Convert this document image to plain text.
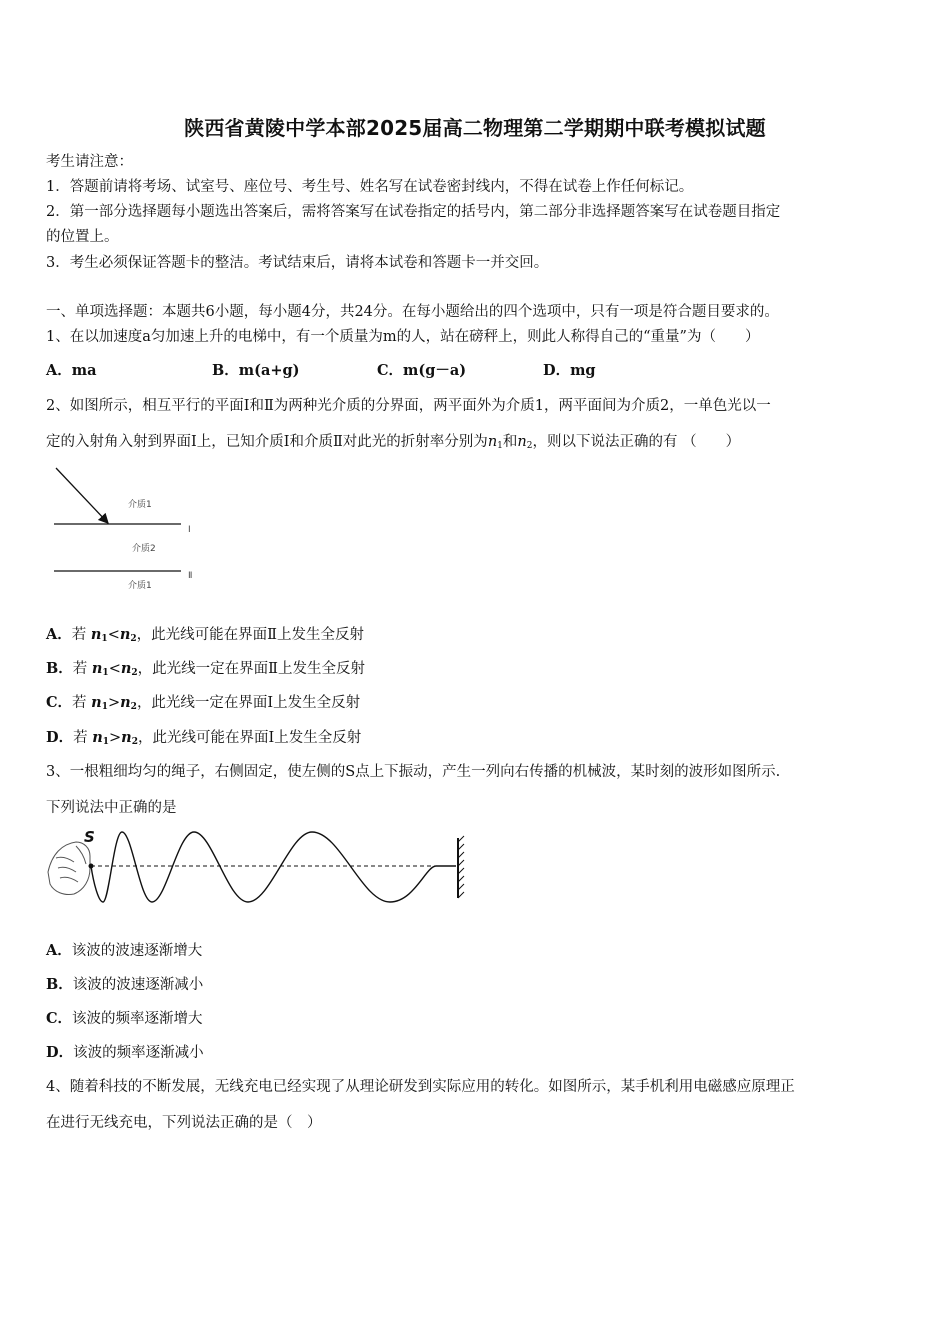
陕西省黄陵中学本部2025届高二物理第二学期期中联考模拟试题
考生请注意：
1．答题前请将考场、试室号、座位号、考生号、姓名写在试卷密封线内，不得在试卷上作任何标记。
2．第一部分选择题每小题选出答案后，需将答案写在试卷指定的括号内，第二部分非选择题答案写在试卷题目指定
的位置上。
3．考生必须保证答题卡的整洁。考试结束后，请将本试卷和答题卡一并交回。
一、单项选择题：本题共6小题，每小题4分，共24分。在每小题给出的四个选项中，只有一项是符合题目要求的。
1、在以加速度a匀加速上升的电梯中，有一个质量为m的人，站在磅秤上，则此人称得自己的“重量”为（　　）
A．ma	B．m(a+g)	C．m(g－a)	D．mg
2、如图所示，相互平行的平面Ⅰ和Ⅱ为两种光介质的分界面，两平面外为介质1，两平面间为介质2，一单色光以一
定的入射角入射到界面Ⅰ上，已知介质Ⅰ和介质Ⅱ对此光的折射率分别为$n_1$和$n_2$，则以下说法正确的有 （　　）
介质1
介质2
介质1
Ⅰ
Ⅱ
A．若 $n_1<n_2$，此光线可能在界面Ⅱ上发生全反射
B．若 $n_1<n_2$，此光线一定在界面Ⅱ上发生全反射
C．若 $n_1>n_2$，此光线一定在界面Ⅰ上发生全反射
D．若 $n_1>n_2$，此光线可能在界面Ⅰ上发生全反射
3、一根粗细均匀的绳子，右侧固定，使左侧的S点上下振动，产生一列向右传播的机械波，某时刻的波形如图所示.
下列说法中正确的是
S
A．该波的波速逐渐增大
B．该波的波速逐渐减小
C．该波的频率逐渐增大
D．该波的频率逐渐减小
4、随着科技的不断发展，无线充电已经实现了从理论研发到实际应用的转化。如图所示，某手机利用电磁感应原理正
在进行无线充电，下列说法正确的是（　）
